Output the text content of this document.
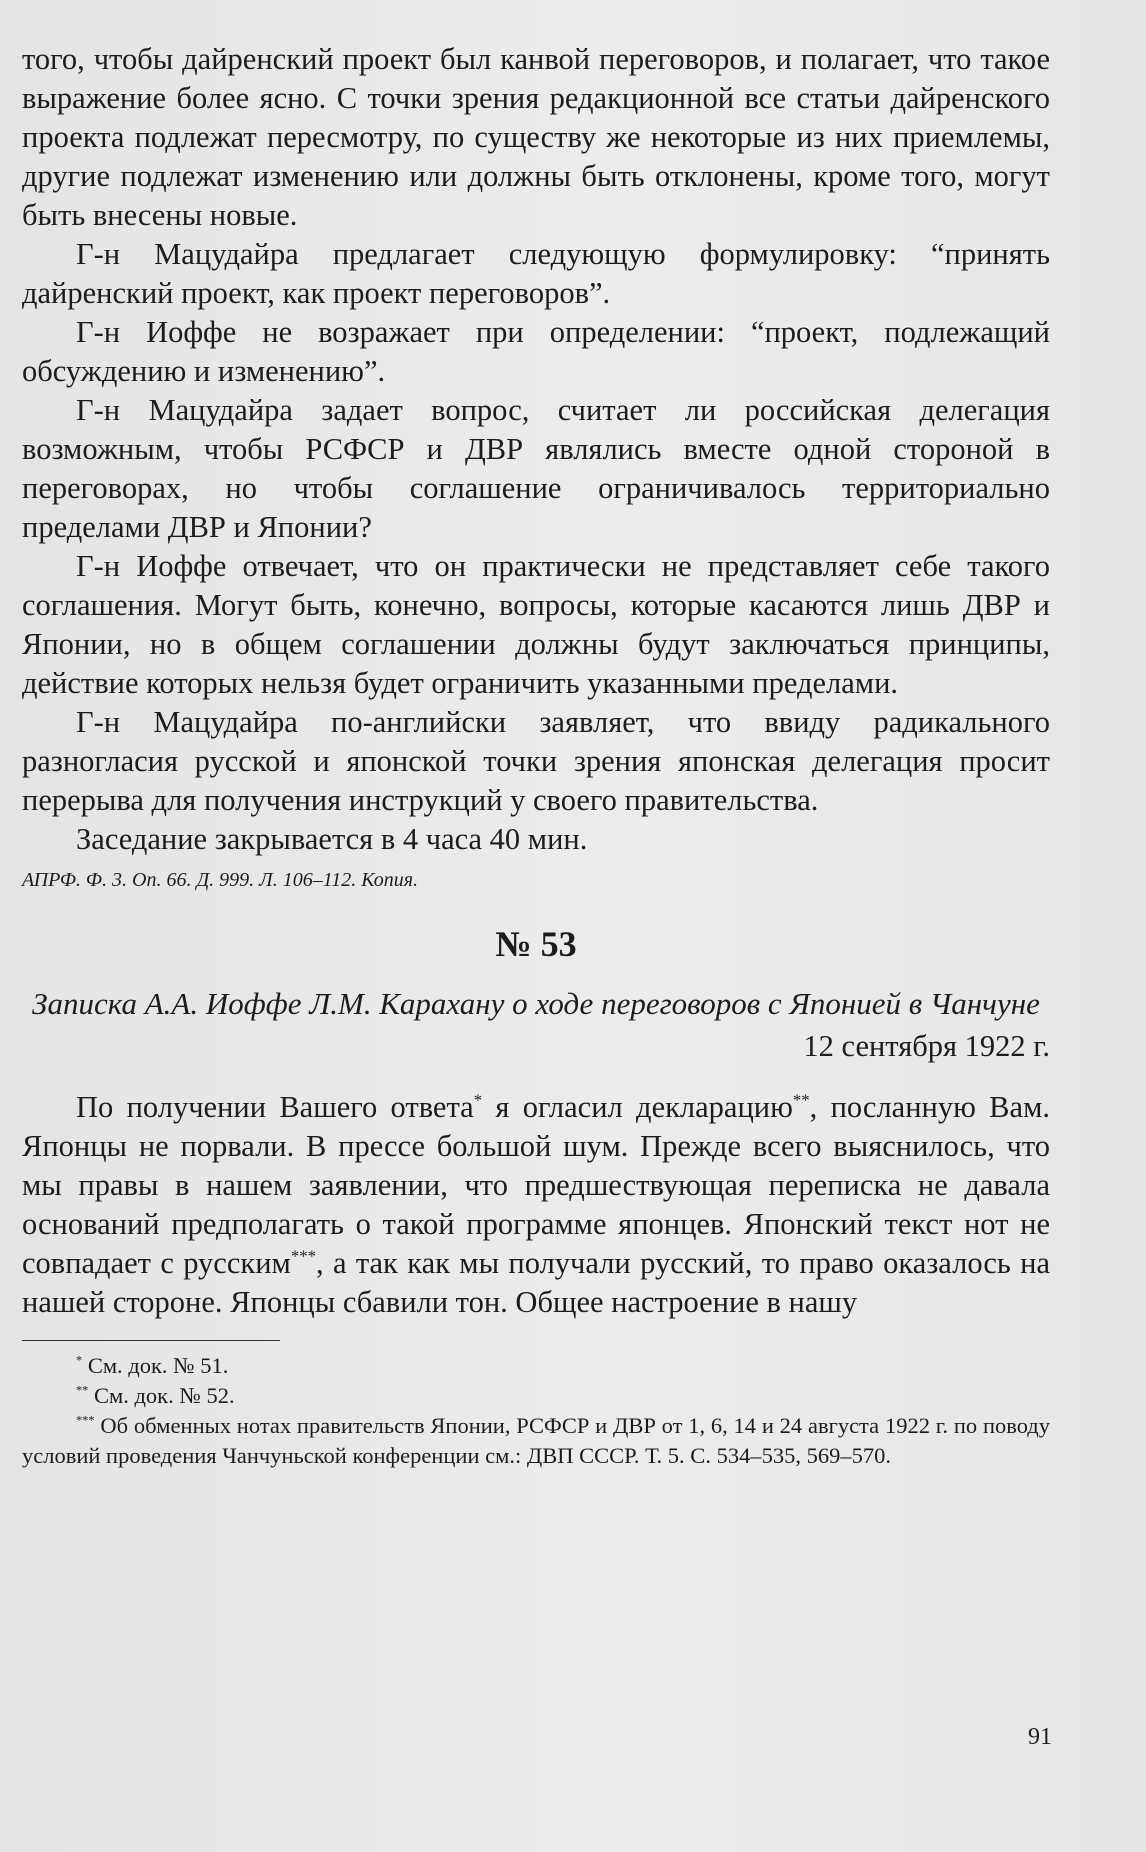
того, чтобы дайренский проект был канвой переговоров, и полагает, что такое выражение более ясно. С точки зрения редакционной все статьи дайренского проекта подлежат пересмотру, по существу же некоторые из них приемлемы, другие подлежат изменению или должны быть отклонены, кроме того, могут быть внесены новые.

Г-н Мацудайра предлагает следующую формулировку: “принять дайренский проект, как проект переговоров”.

Г-н Иоффе не возражает при определении: “проект, подлежащий обсуждению и изменению”.

Г-н Мацудайра задает вопрос, считает ли российская делегация возможным, чтобы РСФСР и ДВР являлись вместе одной стороной в переговорах, но чтобы соглашение ограничивалось территориально пределами ДВР и Японии?

Г-н Иоффе отвечает, что он практически не представляет себе такого соглашения. Могут быть, конечно, вопросы, которые касаются лишь ДВР и Японии, но в общем соглашении должны будут заключаться принципы, действие которых нельзя будет ограничить указанными пределами.

Г-н Мацудайра по-английски заявляет, что ввиду радикального разногласия русской и японской точки зрения японская делегация просит перерыва для получения инструкций у своего правительства.

Заседание закрывается в 4 часа 40 мин.

АПРФ. Ф. 3. Оп. 66. Д. 999. Л. 106–112. Копия.
№ 53
Записка А.А. Иоффе Л.М. Карахану о ходе переговоров с Японией в Чанчуне
12 сентября 1922 г.

По получении Вашего ответа* я огласил декларацию**, посланную Вам. Японцы не порвали. В прессе большой шум. Прежде всего выяснилось, что мы правы в нашем заявлении, что предшествующая переписка не давала оснований предполагать о такой программе японцев. Японский текст нот не совпадает с русским***, а так как мы получали русский, то право оказалось на нашей стороне. Японцы сбавили тон. Общее настроение в нашу

* См. док. № 51.

** См. док. № 52.

*** Об обменных нотах правительств Японии, РСФСР и ДВР от 1, 6, 14 и 24 августа 1922 г. по поводу условий проведения Чанчуньской конференции см.: ДВП СССР. Т. 5. С. 534–535, 569–570.

91
